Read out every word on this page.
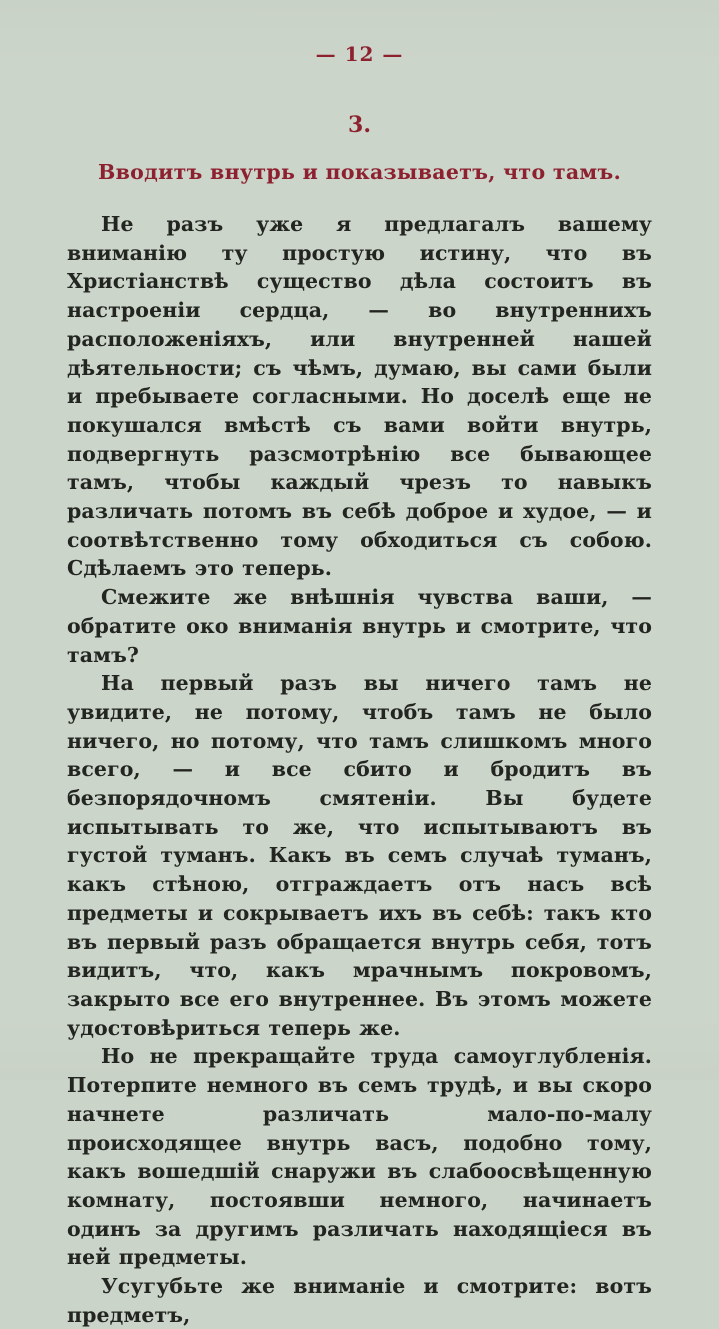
— 12 —
3.
Вводитъ внутрь и показываетъ, что тамъ.

Не разъ уже я предлагалъ вашему вниманію ту простую истину, что въ Христіанствѣ существо дѣла состоитъ въ настроеніи сердца, — во внутреннихъ расположеніяхъ, или внутренней нашей дѣятельности; съ чѣмъ, думаю, вы сами были и пребываете согласными. Но доселѣ еще не покушался вмѣстѣ съ вами войти внутрь, подвергнуть разсмотрѣнію все бывающее тамъ, чтобы каждый чрезъ то навыкъ различать потомъ въ себѣ доброе и худое, — и соотвѣтственно тому обходиться съ собою. Сдѣлаемъ это теперь.

Смежите же внѣшнія чувства ваши, — обратите око вниманія внутрь и смотрите, что тамъ?

На первый разъ вы ничего тамъ не увидите, не потому, чтобъ тамъ не было ничего, но потому, что тамъ слишкомъ много всего, — и все сбито и бродитъ въ безпорядочномъ смятеніи. Вы будете испытывать то же, что испытываютъ въ густой туманъ. Какъ въ семъ случаѣ туманъ, какъ стѣною, отграждаетъ отъ насъ всѣ предметы и сокрываетъ ихъ въ себѣ: такъ кто въ первый разъ обращается внутрь себя, тотъ видитъ, что, какъ мрачнымъ покровомъ, закрыто все его внутреннее. Въ этомъ можете удостовѣриться теперь же.

Но не прекращайте труда самоуглубленія. Потерпите немного въ семъ трудѣ, и вы скоро начнете различать мало-по-малу происходящее внутрь васъ, подобно тому, какъ вошедшій снаружи въ слабоосвѣщенную комнату, постоявши немного, начинаетъ одинъ за другимъ различать находящіеся въ ней предметы.

Усугубьте же вниманіе и смотрите: вотъ предметъ,
